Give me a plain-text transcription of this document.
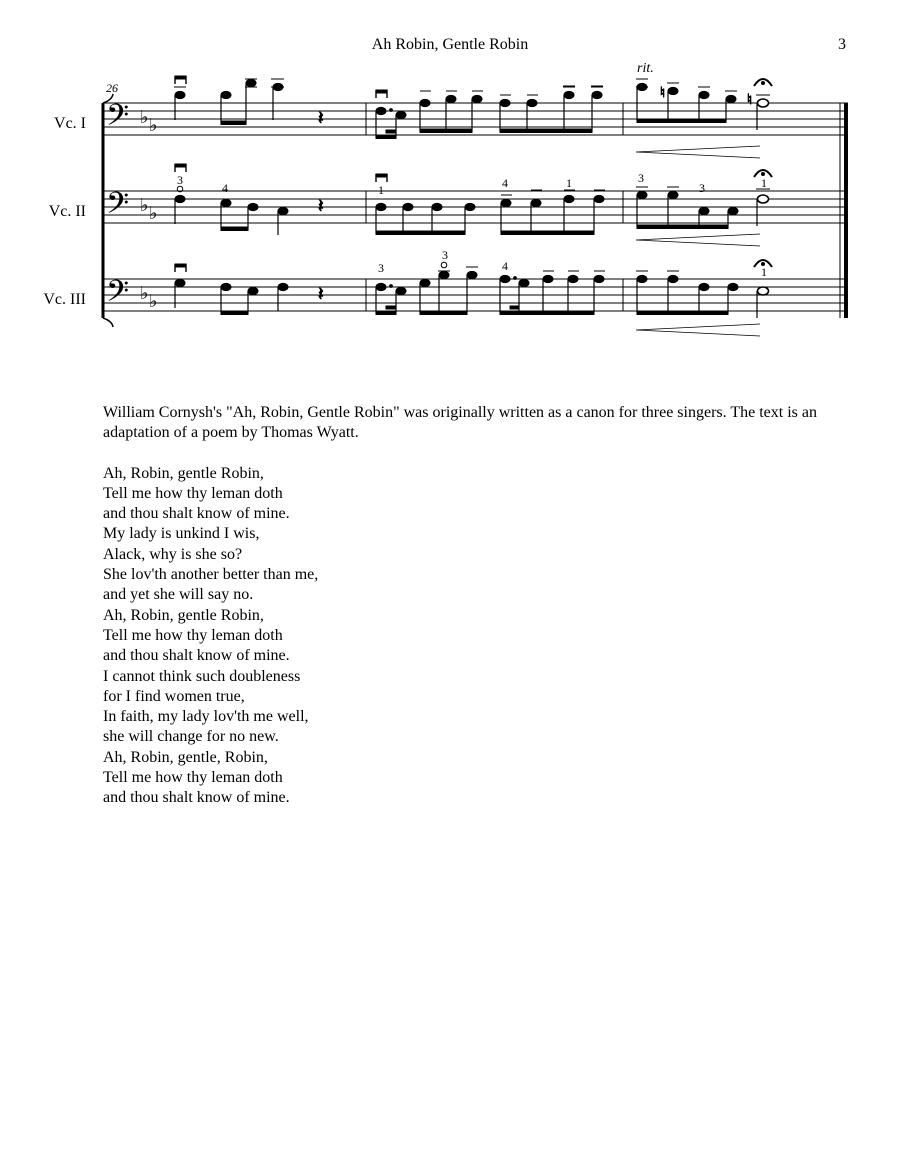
Ah Robin, Gentle Robin	3
Vc. I
Vc. II
Vc. III
26
rit.
𝄢
𝄢
𝄢
♭ ♭
♭ ♭
♭ ♭
𝄽
♮	♮
𝄽
3
4	1	4	1	3
3	1
𝄽
3
3
4	1

William Cornysh's "Ah, Robin, Gentle Robin" was originally written as a canon for three singers. The text is an adaptation of a poem by Thomas Wyatt.

Ah, Robin, gentle Robin,
Tell me how thy leman doth
and thou shalt know of mine.
My lady is unkind I wis,
Alack, why is she so?
She lov'th another better than me,
and yet she will say no.
Ah, Robin, gentle Robin,
Tell me how thy leman doth
and thou shalt know of mine.
I cannot think such doubleness
for I find women true,
In faith, my lady lov'th me well,
she will change for no new.
Ah, Robin, gentle, Robin,
Tell me how thy leman doth
and thou shalt know of mine.
